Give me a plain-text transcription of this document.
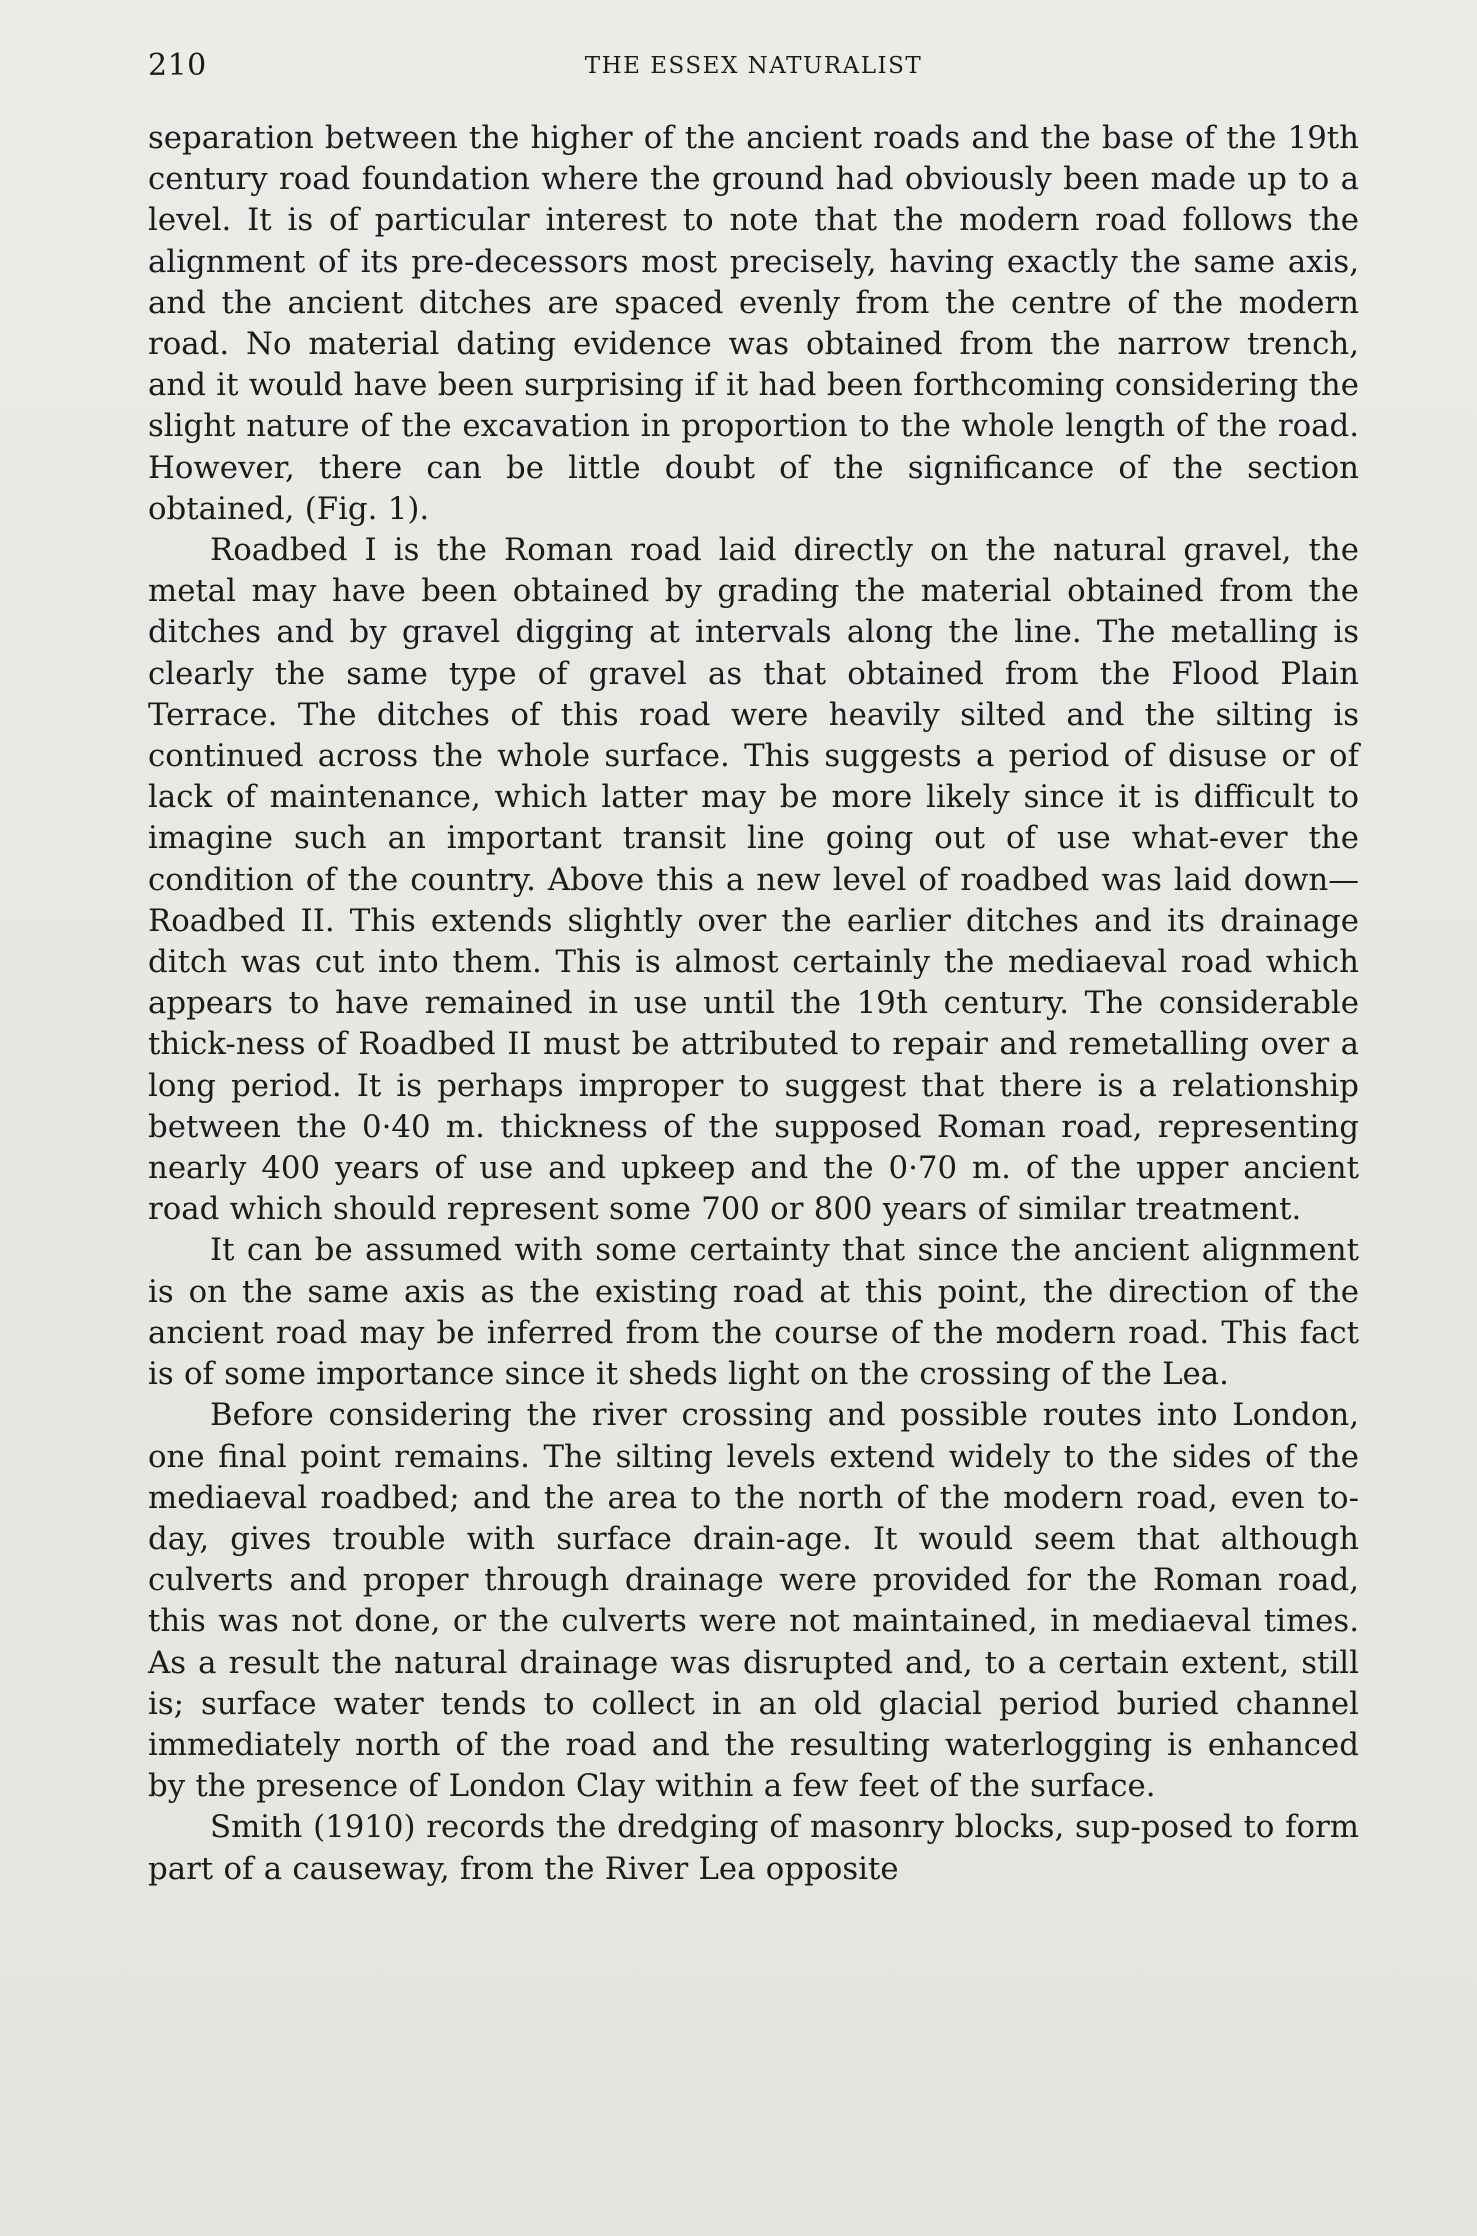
210	THE ESSEX NATURALIST

separation between the higher of the ancient roads and the base of the 19th century road foundation where the ground had obviously been made up to a level. It is of particular interest to note that the modern road follows the alignment of its pre-decessors most precisely, having exactly the same axis, and the ancient ditches are spaced evenly from the centre of the modern road. No material dating evidence was obtained from the narrow trench, and it would have been surprising if it had been forthcoming considering the slight nature of the excavation in proportion to the whole length of the road. However, there can be little doubt of the significance of the section obtained, (Fig. 1).

Roadbed I is the Roman road laid directly on the natural gravel, the metal may have been obtained by grading the material obtained from the ditches and by gravel digging at intervals along the line. The metalling is clearly the same type of gravel as that obtained from the Flood Plain Terrace. The ditches of this road were heavily silted and the silting is continued across the whole surface. This suggests a period of disuse or of lack of maintenance, which latter may be more likely since it is difficult to imagine such an important transit line going out of use what-ever the condition of the country. Above this a new level of roadbed was laid down—Roadbed II. This extends slightly over the earlier ditches and its drainage ditch was cut into them. This is almost certainly the mediaeval road which appears to have remained in use until the 19th century. The considerable thick-ness of Roadbed II must be attributed to repair and remetalling over a long period. It is perhaps improper to suggest that there is a relationship between the 0·40 m. thickness of the supposed Roman road, representing nearly 400 years of use and upkeep and the 0·70 m. of the upper ancient road which should represent some 700 or 800 years of similar treatment.

It can be assumed with some certainty that since the ancient alignment is on the same axis as the existing road at this point, the direction of the ancient road may be inferred from the course of the modern road. This fact is of some importance since it sheds light on the crossing of the Lea.

Before considering the river crossing and possible routes into London, one final point remains. The silting levels extend widely to the sides of the mediaeval roadbed; and the area to the north of the modern road, even to-day, gives trouble with surface drain-age. It would seem that although culverts and proper through drainage were provided for the Roman road, this was not done, or the culverts were not maintained, in mediaeval times. As a result the natural drainage was disrupted and, to a certain extent, still is; surface water tends to collect in an old glacial period buried channel immediately north of the road and the resulting waterlogging is enhanced by the presence of London Clay within a few feet of the surface.

Smith (1910) records the dredging of masonry blocks, sup-posed to form part of a causeway, from the River Lea opposite
